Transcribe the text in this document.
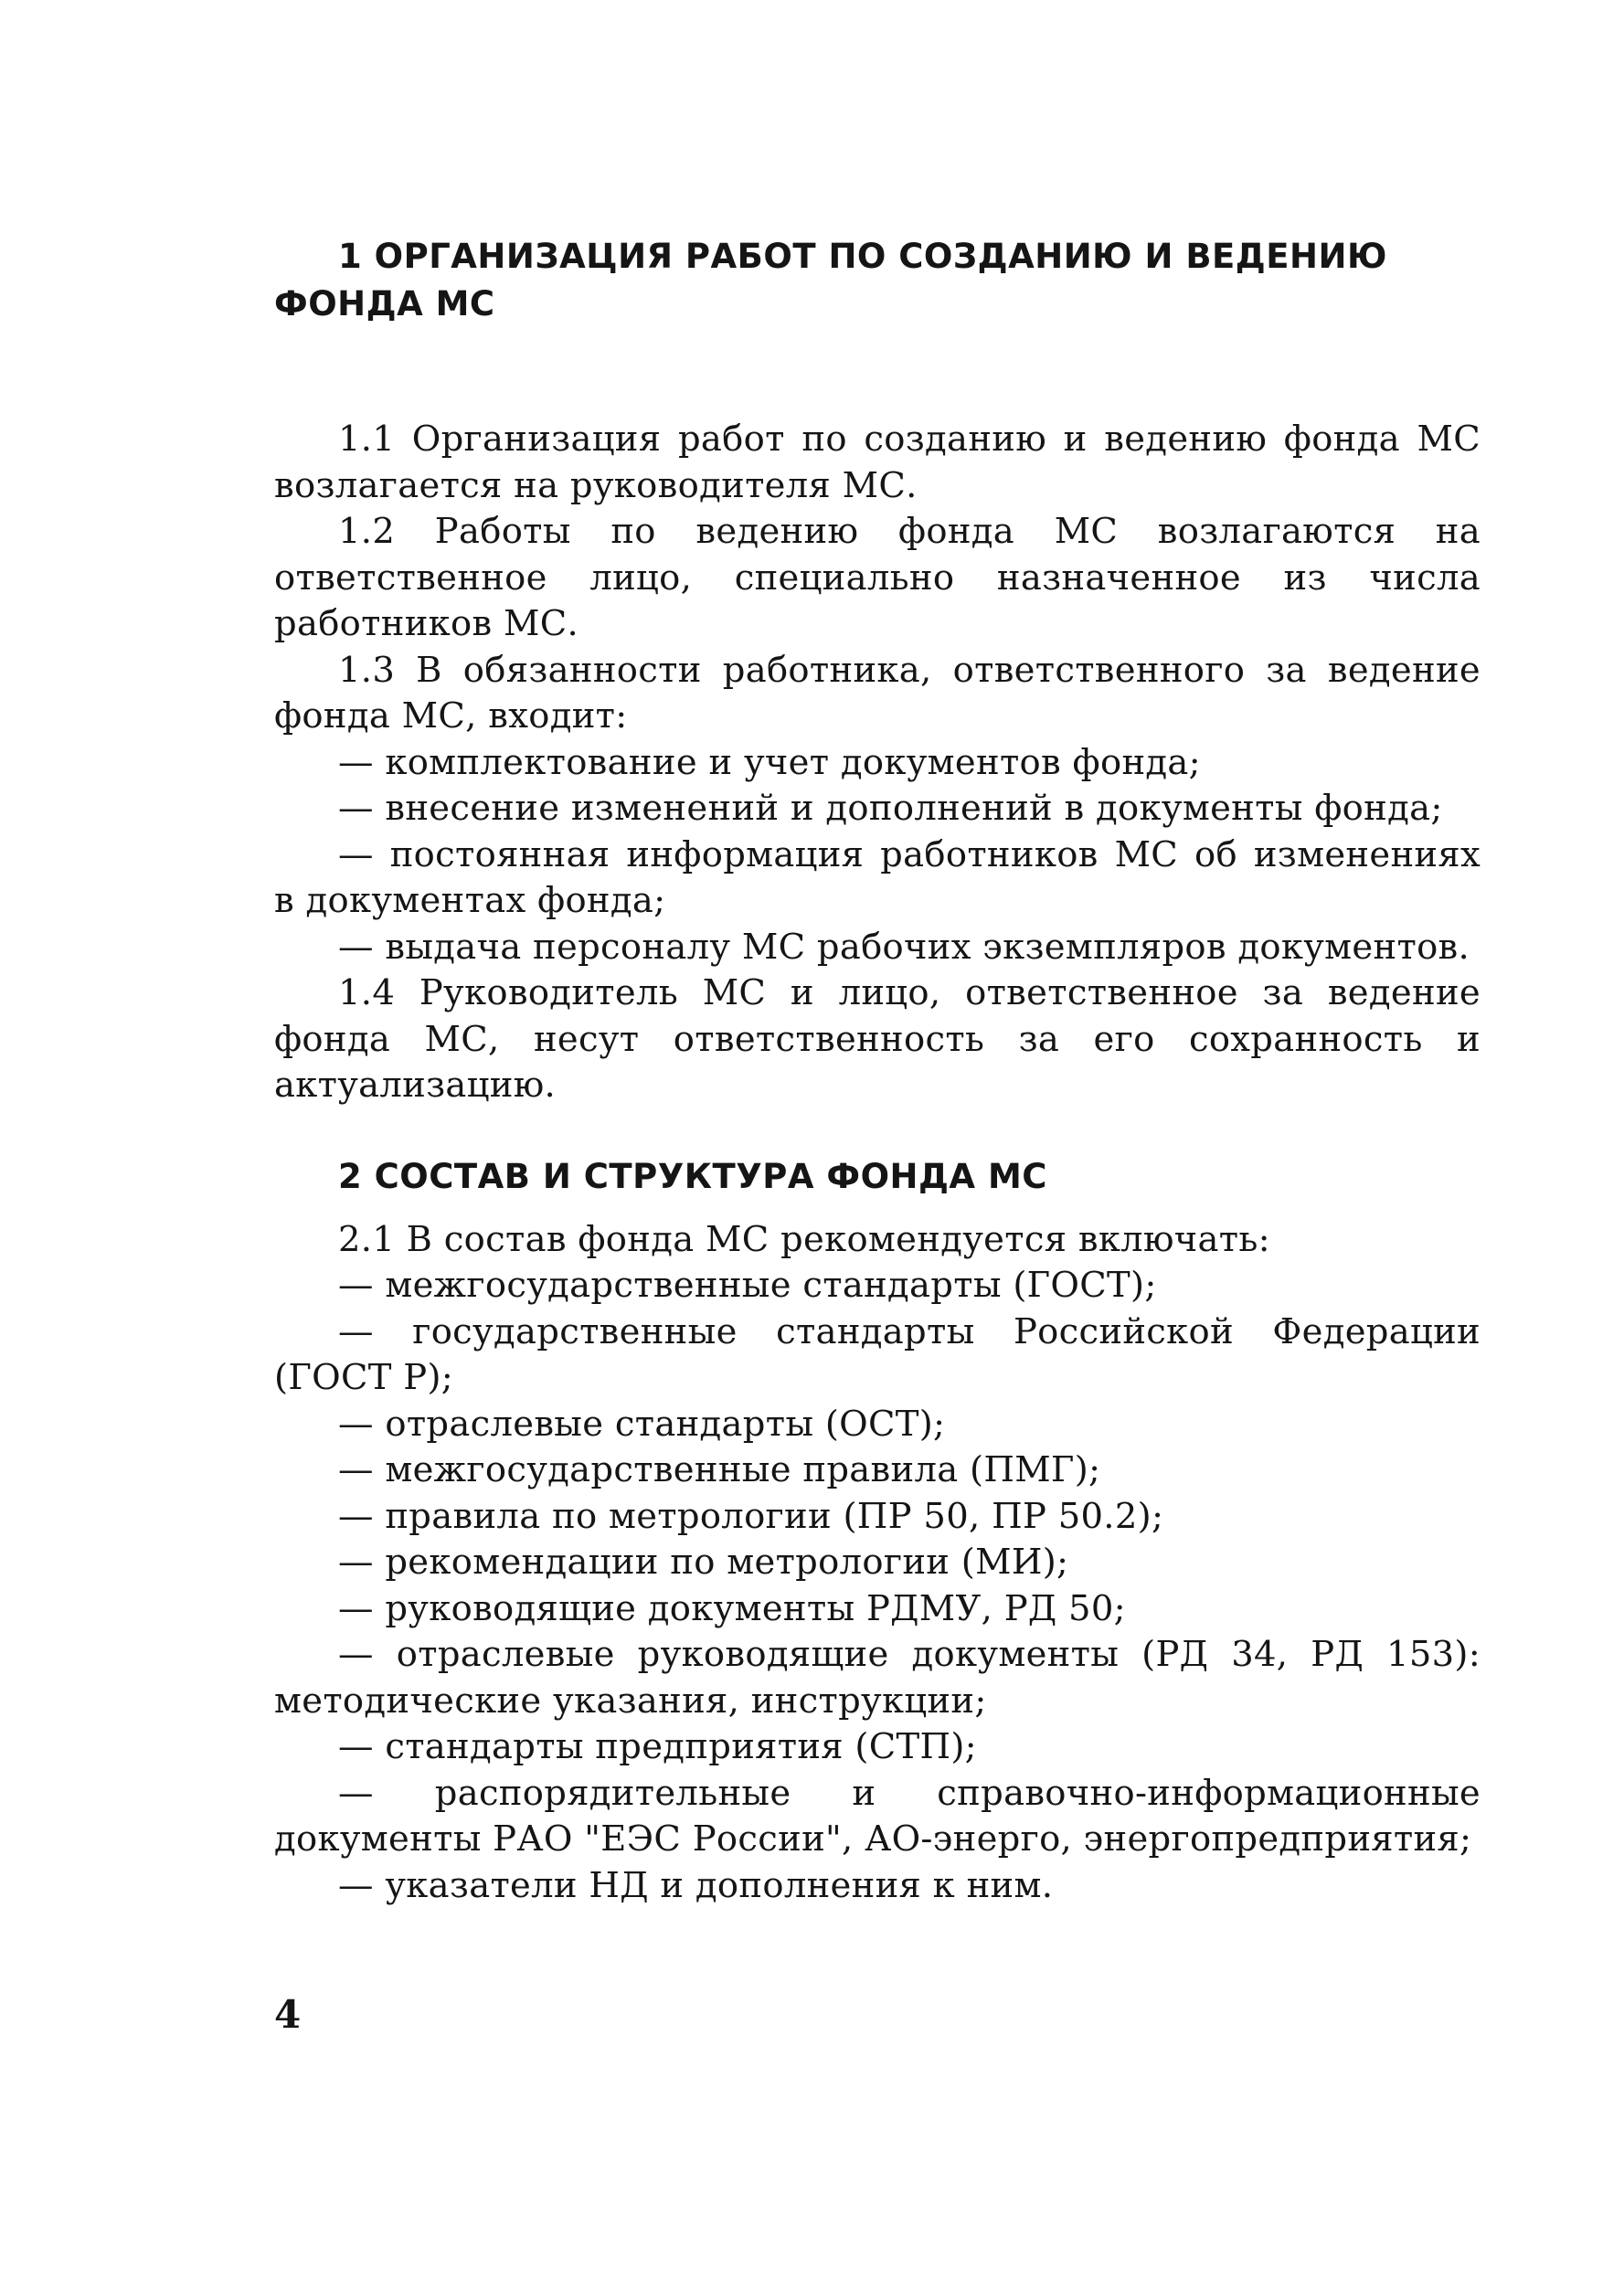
1 ОРГАНИЗАЦИЯ РАБОТ ПО СОЗДАНИЮ И ВЕДЕНИЮ
ФОНДА МС

1.1 Организация работ по созданию и ведению фонда МС возлагается на руководителя МС.

1.2 Работы по ведению фонда МС возлагаются на ответственное лицо, специально назначенное из числа работников МС.

1.3 В обязанности работника, ответственного за ведение фонда МС, входит:

— комплектование и учет документов фонда;

— внесение изменений и дополнений в документы фонда;

— постоянная информация работников МС об изменениях в документах фонда;

— выдача персоналу МС рабочих экземпляров документов.

1.4 Руководитель МС и лицо, ответственное за ведение фонда МС, несут ответственность за его сохранность и актуализацию.

2 СОСТАВ И СТРУКТУРА ФОНДА МС

2.1 В состав фонда МС рекомендуется включать:

— межгосударственные стандарты (ГОСТ);

— государственные стандарты Российской Федерации (ГОСТ Р);

— отраслевые стандарты (ОСТ);

— межгосударственные правила (ПМГ);

— правила по метрологии (ПР 50, ПР 50.2);

— рекомендации по метрологии (МИ);

— руководящие документы РДМУ, РД 50;

— отраслевые руководящие документы (РД 34, РД 153): методические указания, инструкции;

— стандарты предприятия (СТП);

— распорядительные и справочно-информационные документы РАО "ЕЭС России", АО-энерго, энергопредприятия;

— указатели НД и дополнения к ним.

4
